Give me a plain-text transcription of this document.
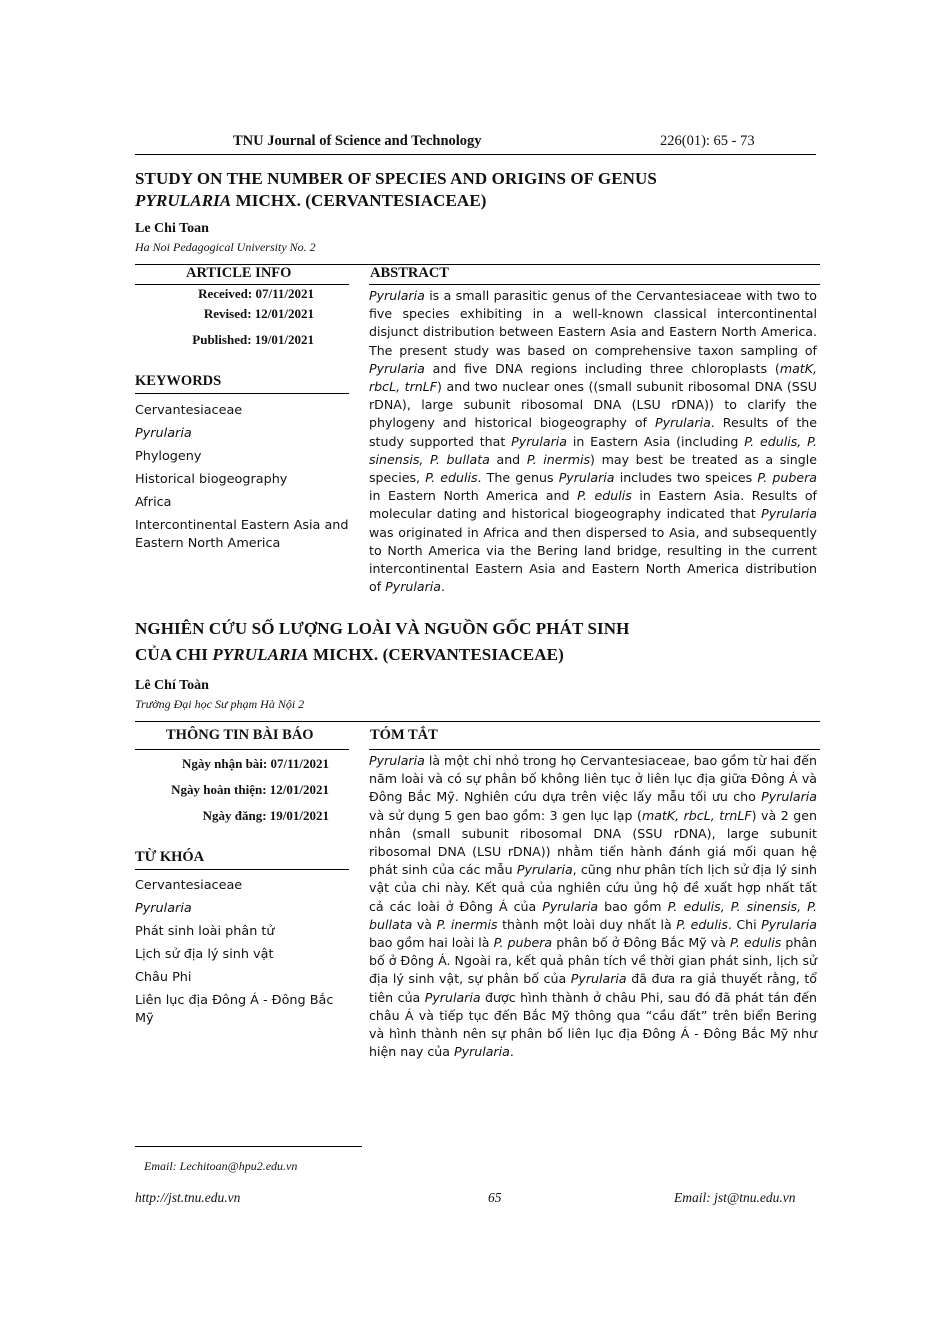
TNU Journal of Science and Technology	226(01): 65 - 73
STUDY ON THE NUMBER OF SPECIES AND ORIGINS OF GENUS
PYRULARIA MICHX. (CERVANTESIACEAE)
Le Chi Toan
Ha Noi Pedagogical University No. 2
ARTICLE INFO	ABSTRACT
Received: 07/11/2021
Revised: 12/01/2021
Published: 19/01/2021
KEYWORDS
Cervantesiaceae
Pyrularia
Phylogeny
Historical biogeography
Africa
Intercontinental Eastern Asia and Eastern North America
Pyrularia is a small parasitic genus of the Cervantesiaceae with two to five species exhibiting in a well-known classical intercontinental disjunct distribution between Eastern Asia and Eastern North America. The present study was based on comprehensive taxon sampling of Pyrularia and five DNA regions including three chloroplasts (matK, rbcL, trnLF) and two nuclear ones ((small subunit ribosomal DNA (SSU rDNA), large subunit ribosomal DNA (LSU rDNA)) to clarify the phylogeny and historical biogeography of Pyrularia. Results of the study supported that Pyrularia in Eastern Asia (including P. edulis, P. sinensis, P. bullata and P. inermis) may best be treated as a single species, P. edulis. The genus Pyrularia includes two speices P. pubera in Eastern North America and P. edulis in Eastern Asia. Results of molecular dating and historical biogeography indicated that Pyrularia was originated in Africa and then dispersed to Asia, and subsequently to North America via the Bering land bridge, resulting in the current intercontinental Eastern Asia and Eastern North America distribution of Pyrularia.
NGHIÊN CỨU SỐ LƯỢNG LOÀI VÀ NGUỒN GỐC PHÁT SINH
CỦA CHI PYRULARIA MICHX. (CERVANTESIACEAE)
Lê Chí Toàn
Trường Đại học Sư phạm Hà Nội 2
THÔNG TIN BÀI BÁO	TÓM TẮT
Ngày nhận bài: 07/11/2021
Ngày hoàn thiện: 12/01/2021
Ngày đăng: 19/01/2021
TỪ KHÓA
Cervantesiaceae
Pyrularia
Phát sinh loài phân tử
Lịch sử địa lý sinh vật
Châu Phi
Liên lục địa Đông Á - Đông Bắc Mỹ
Pyrularia là một chi nhỏ trong họ Cervantesiaceae, bao gồm từ hai đến năm loài và có sự phân bố không liên tục ở liên lục địa giữa Đông Á và Đông Bắc Mỹ. Nghiên cứu dựa trên việc lấy mẫu tối ưu cho Pyrularia và sử dụng 5 gen bao gồm: 3 gen lục lạp (matK, rbcL, trnLF) và 2 gen nhân (small subunit ribosomal DNA (SSU rDNA), large subunit ribosomal DNA (LSU rDNA)) nhằm tiến hành đánh giá mối quan hệ phát sinh của các mẫu Pyrularia, cũng như phân tích lịch sử địa lý sinh vật của chi này. Kết quả của nghiên cứu ủng hộ đề xuất hợp nhất tất cả các loài ở Đông Á của Pyrularia bao gồm P. edulis, P. sinensis, P. bullata và P. inermis thành một loài duy nhất là P. edulis. Chi Pyrularia bao gồm hai loài là P. pubera phân bố ở Đông Bắc Mỹ và P. edulis phân bố ở Đông Á. Ngoài ra, kết quả phân tích về thời gian phát sinh, lịch sử địa lý sinh vật, sự phân bố của Pyrularia đã đưa ra giả thuyết rằng, tổ tiên của Pyrularia được hình thành ở châu Phi, sau đó đã phát tán đến châu Á và tiếp tục đến Bắc Mỹ thông qua “cầu đất” trên biển Bering và hình thành nên sự phân bố liên lục địa Đông Á - Đông Bắc Mỹ như hiện nay của Pyrularia.
Email: Lechitoan@hpu2.edu.vn
http://jst.tnu.edu.vn	65	Email: jst@tnu.edu.vn
